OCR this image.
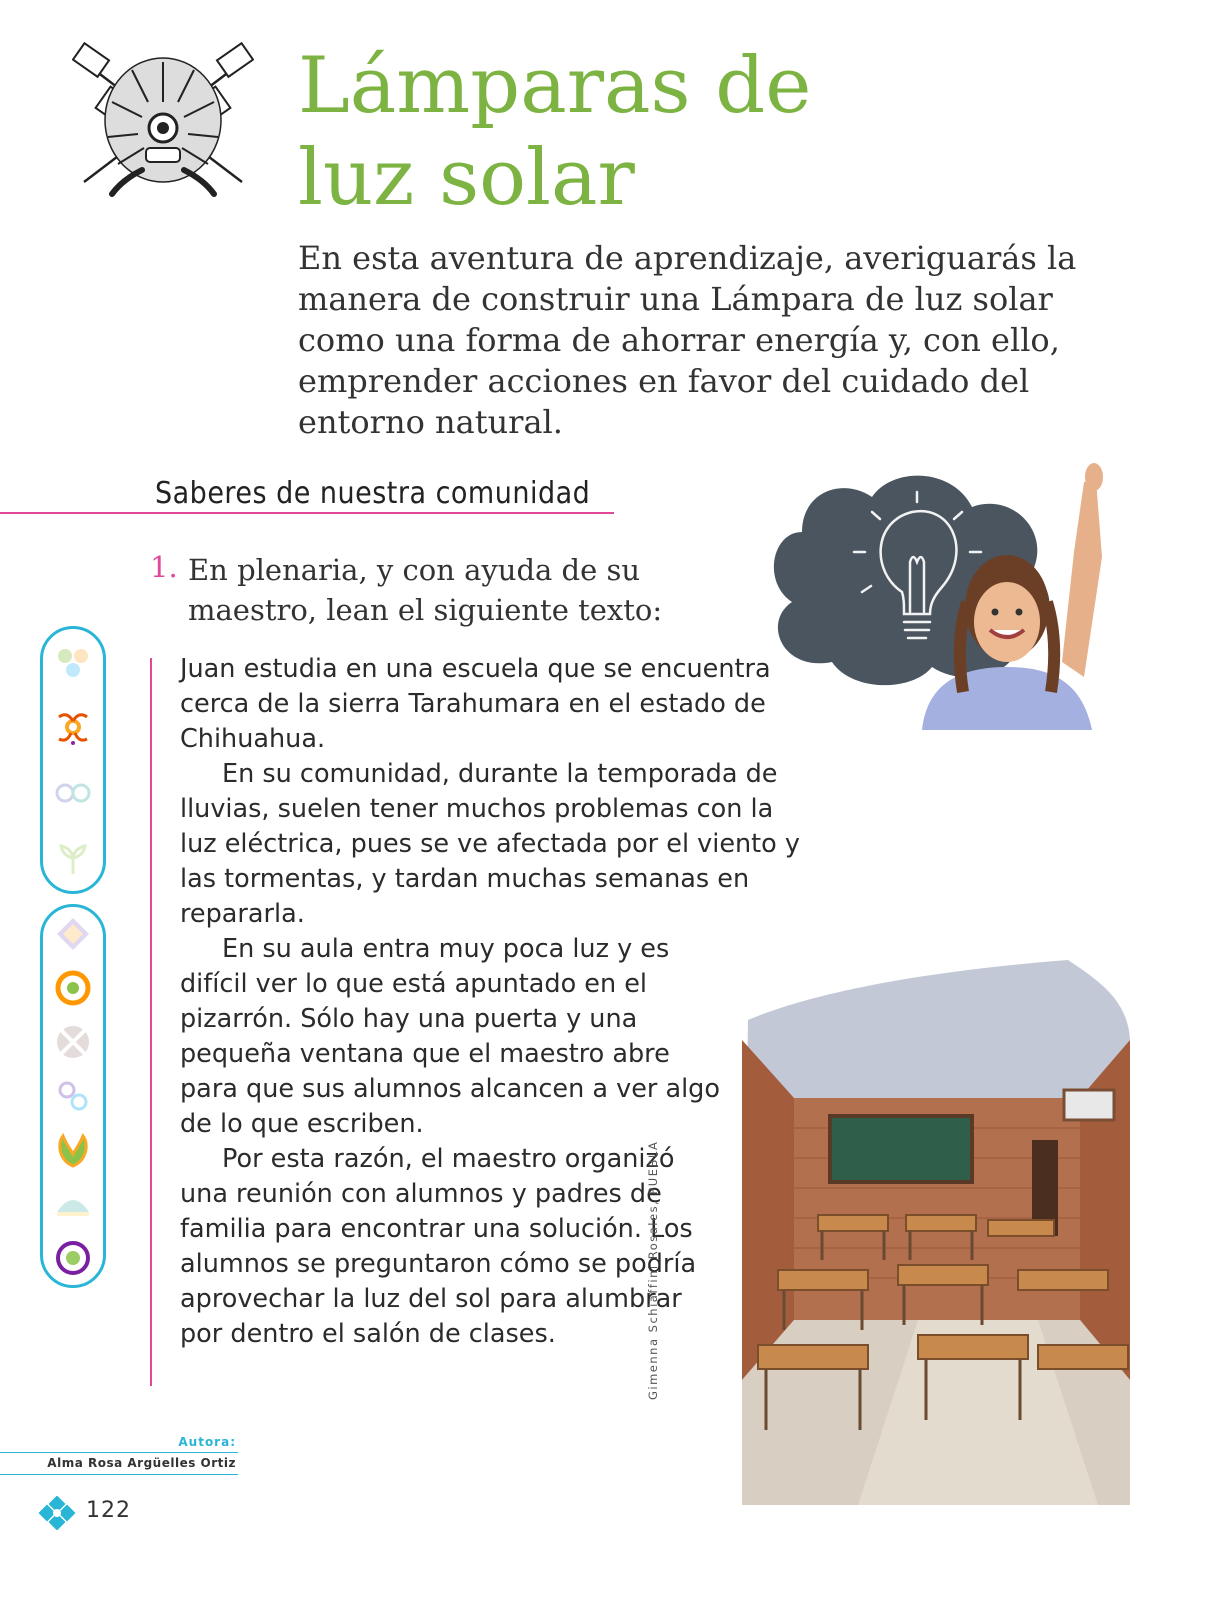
Lámparas de luz solar

En esta aventura de aprendizaje, averiguarás la manera de construir una Lámpara de luz solar como una forma de ahorrar energía y, con ello, emprender acciones en favor del cuidado del entorno natural.

Saberes de nuestra comunidad
1. En plenaria, y con ayuda de su maestro, lean el siguiente texto:

Juan estudia en una escuela que se encuentra cerca de la sierra Tarahumara en el estado de Chihuahua.

En su comunidad, durante la temporada de lluvias, suelen tener muchos problemas con la luz eléctrica, pues se ve afectada por el viento y las tormentas, y tardan muchas semanas en repararla.

En su aula entra muy poca luz y es difícil ver lo que está apuntado en el pizarrón. Sólo hay una puerta y una pequeña ventana que el maestro abre para que sus alumnos alcancen a ver algo de lo que escriben.

Por esta razón, el maestro organizó una reunión con alumnos y padres de familia para encontrar una solución. Los alumnos se preguntaron cómo se podría aprovechar la luz del sol para alumbrar por dentro el salón de clases.	Gimenna Schiaffini Rosales, PUEBLA

Autora:

Alma Rosa Argüelles Ortiz

122
